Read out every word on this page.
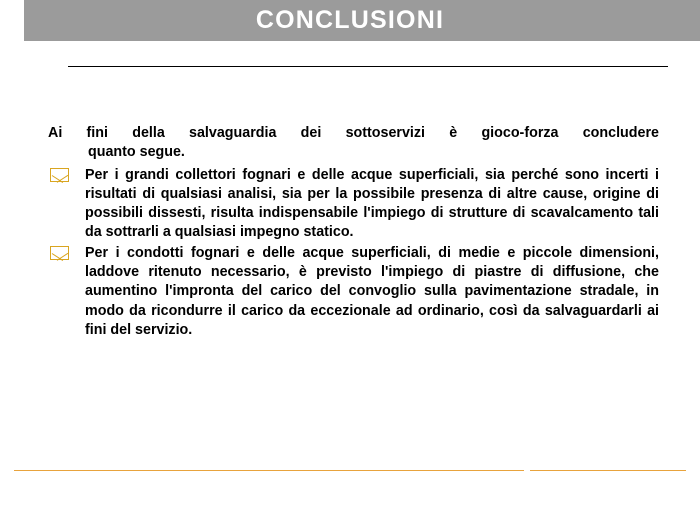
CONCLUSIONI
Ai fini della salvaguardia dei sottoservizi è gioco-forza concludere
quanto segue.
Per i grandi collettori fognari e delle acque superficiali, sia perché sono incerti i risultati di qualsiasi analisi, sia per la possibile presenza di altre cause, origine di possibili dissesti, risulta indispensabile l'impiego di strutture di scavalcamento tali da sottrarli a qualsiasi impegno statico.
Per i condotti fognari e delle acque superficiali, di medie e piccole dimensioni, laddove ritenuto necessario, è previsto l'impiego di piastre di diffusione, che aumentino l'impronta del carico del convoglio sulla pavimentazione stradale, in modo da ricondurre il carico da eccezionale ad ordinario, così da salvaguardarli ai fini del servizio.
